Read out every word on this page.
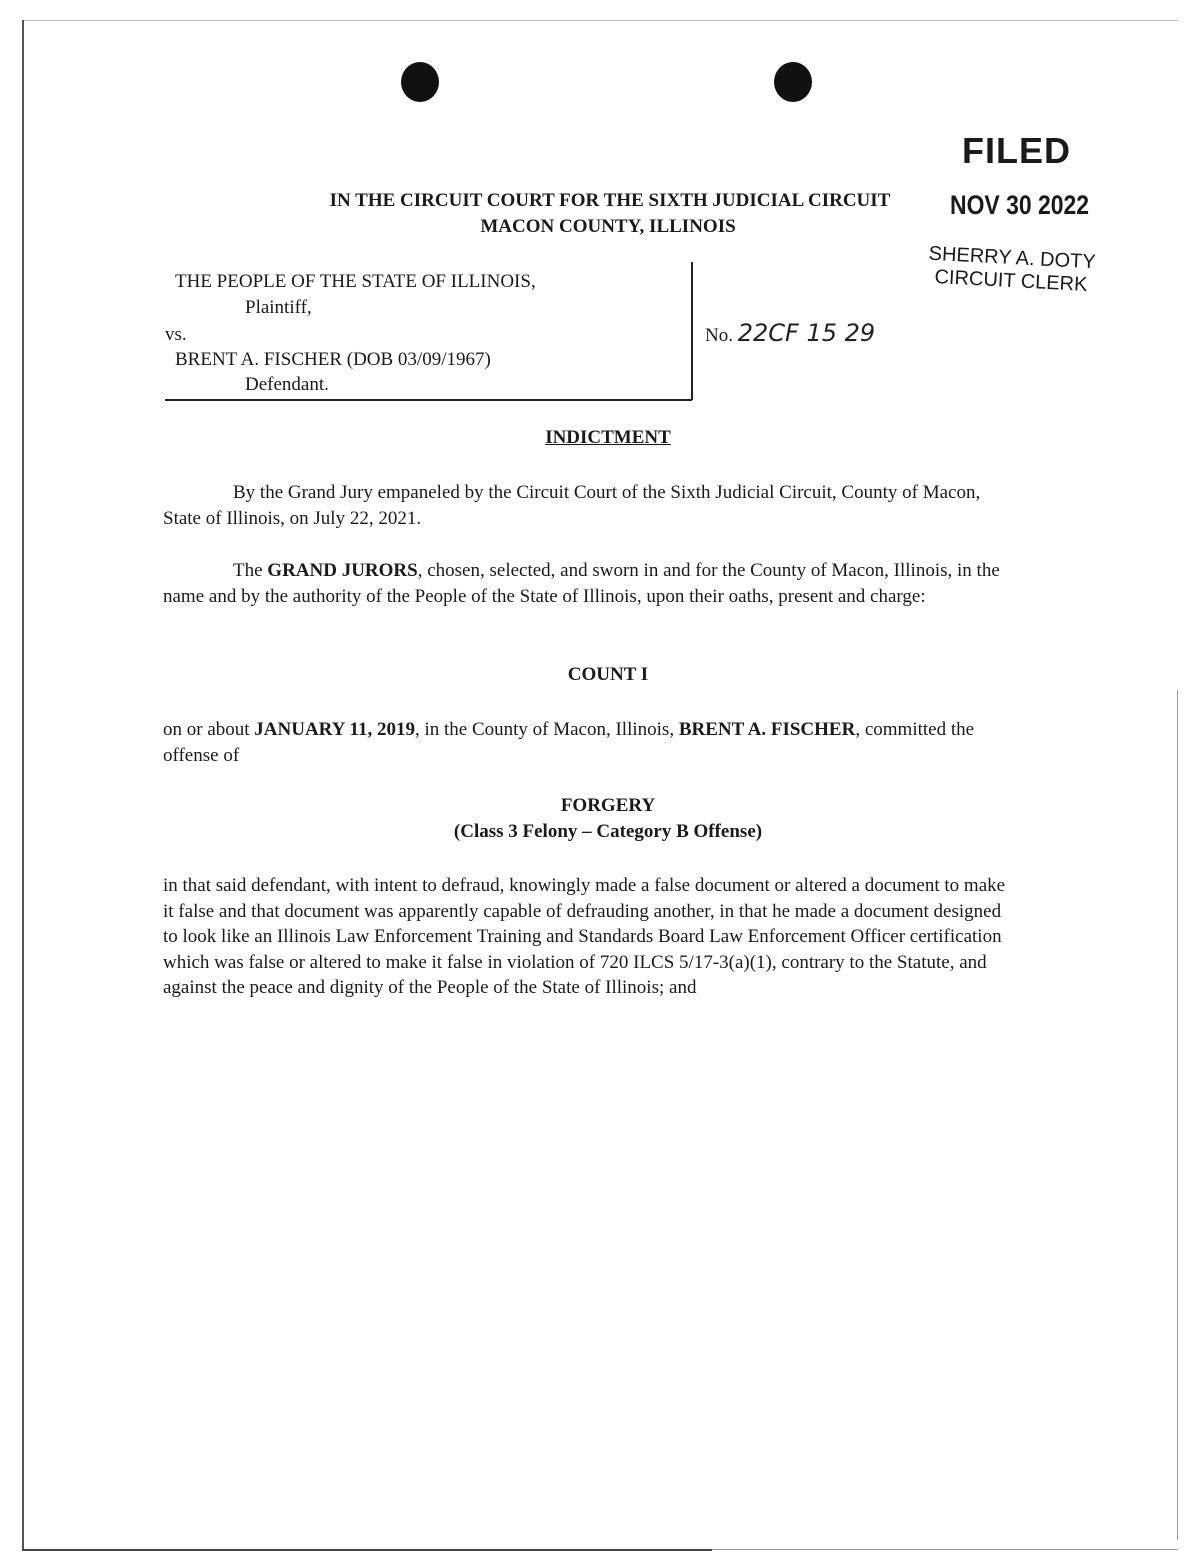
FILED
NOV 30 2022
SHERRY A. DOTY
CIRCUIT CLERK
IN THE CIRCUIT COURT FOR THE SIXTH JUDICIAL CIRCUIT
MACON COUNTY, ILLINOIS
THE PEOPLE OF THE STATE OF ILLINOIS,
Plaintiff,
vs.
BRENT A. FISCHER (DOB 03/09/1967)
Defendant.
No. 22CF 15 29
INDICTMENT
By the Grand Jury empaneled by the Circuit Court of the Sixth Judicial Circuit, County of Macon, State of Illinois, on July 22, 2021.
The GRAND JURORS, chosen, selected, and sworn in and for the County of Macon, Illinois, in the name and by the authority of the People of the State of Illinois, upon their oaths, present and charge:
COUNT I
on or about JANUARY 11, 2019, in the County of Macon, Illinois, BRENT A. FISCHER, committed the offense of
FORGERY
(Class 3 Felony – Category B Offense)
in that said defendant, with intent to defraud, knowingly made a false document or altered a document to make it false and that document was apparently capable of defrauding another, in that he made a document designed to look like an Illinois Law Enforcement Training and Standards Board Law Enforcement Officer certification which was false or altered to make it false in violation of 720 ILCS 5/17-3(a)(1), contrary to the Statute, and against the peace and dignity of the People of the State of Illinois; and
